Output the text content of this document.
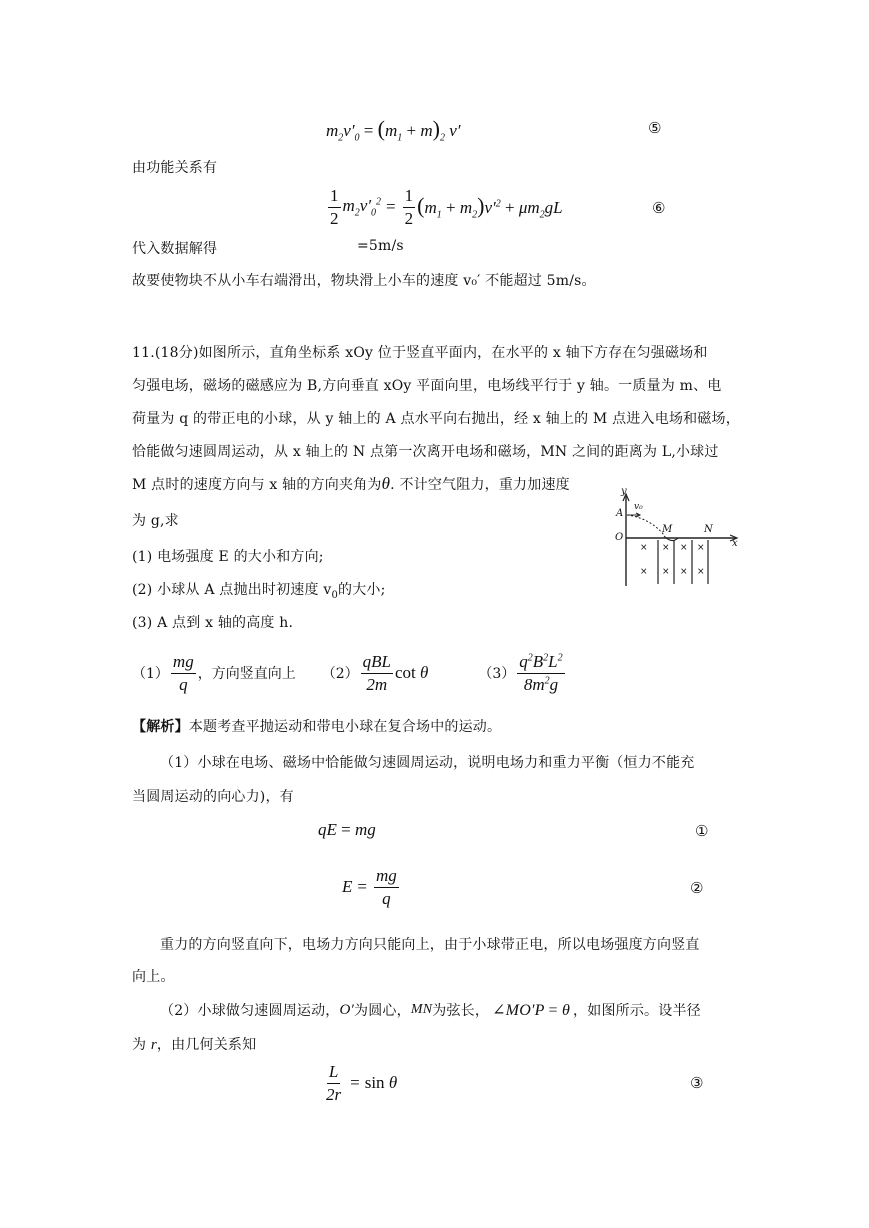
$m_2v'_0 = (m_1 + m)_2$ v′	⑤
由功能关系有
$\frac{1}{2} m_2v'_0^2 = \frac{1}{2} (m_1 + m_2)v'^2 + \mu m_2gL$	⑥
代入数据解得	=5m/s
故要使物块不从小车右端滑出，物块滑上小车的速度 v₀′ 不能超过 5m/s。
11.(18分)如图所示，直角坐标系 xOy 位于竖直平面内，在水平的 x 轴下方存在匀强磁场和
匀强电场，磁场的磁感应为 B,方向垂直 xOy 平面向里，电场线平行于 y 轴。一质量为 m、电
荷量为 q 的带正电的小球，从 y 轴上的 A 点水平向右抛出，经 x 轴上的 M 点进入电场和磁场，
恰能做匀速圆周运动，从 x 轴上的 N 点第一次离开电场和磁场，MN 之间的距离为 L,小球过
M 点时的速度方向与 x 轴的方向夹角为θ. 不计空气阻力，重力加速度
为 g,求
(1) 电场强度 E 的大小和方向;
(2) 小球从 A 点抛出时初速度 $v_0$的大小;
(3) A 点到 x 轴的高度 h.
y
A
v₀
O
M	N
x
× × × ×
× × × ×
$(1) \frac{mg}{q}$ ，方向竖直向上 $(2) \frac{\text{qBL}}{2m}$ cot θ	$(3) \frac{q^2B^2L^2}{8m^2g}$
【解析】本题考查平抛运动和带电小球在复合场中的运动。
（1）小球在电场、磁场中恰能做匀速圆周运动，说明电场力和重力平衡（恒力不能充
当圆周运动的向心力)，有
qE = mg	①
$E = \frac{mg}{q}$	②
重力的方向竖直向下，电场力方向只能向上，由于小球带正电，所以电场强度方向竖直
向上。
（2）小球做匀速圆周运动， O′ 为圆心， MN 为弦长， ∠MO′P = θ ，如图所示。设半径
为 r，由几何关系知
$\frac{L}{2r} = \sin \theta$	③
